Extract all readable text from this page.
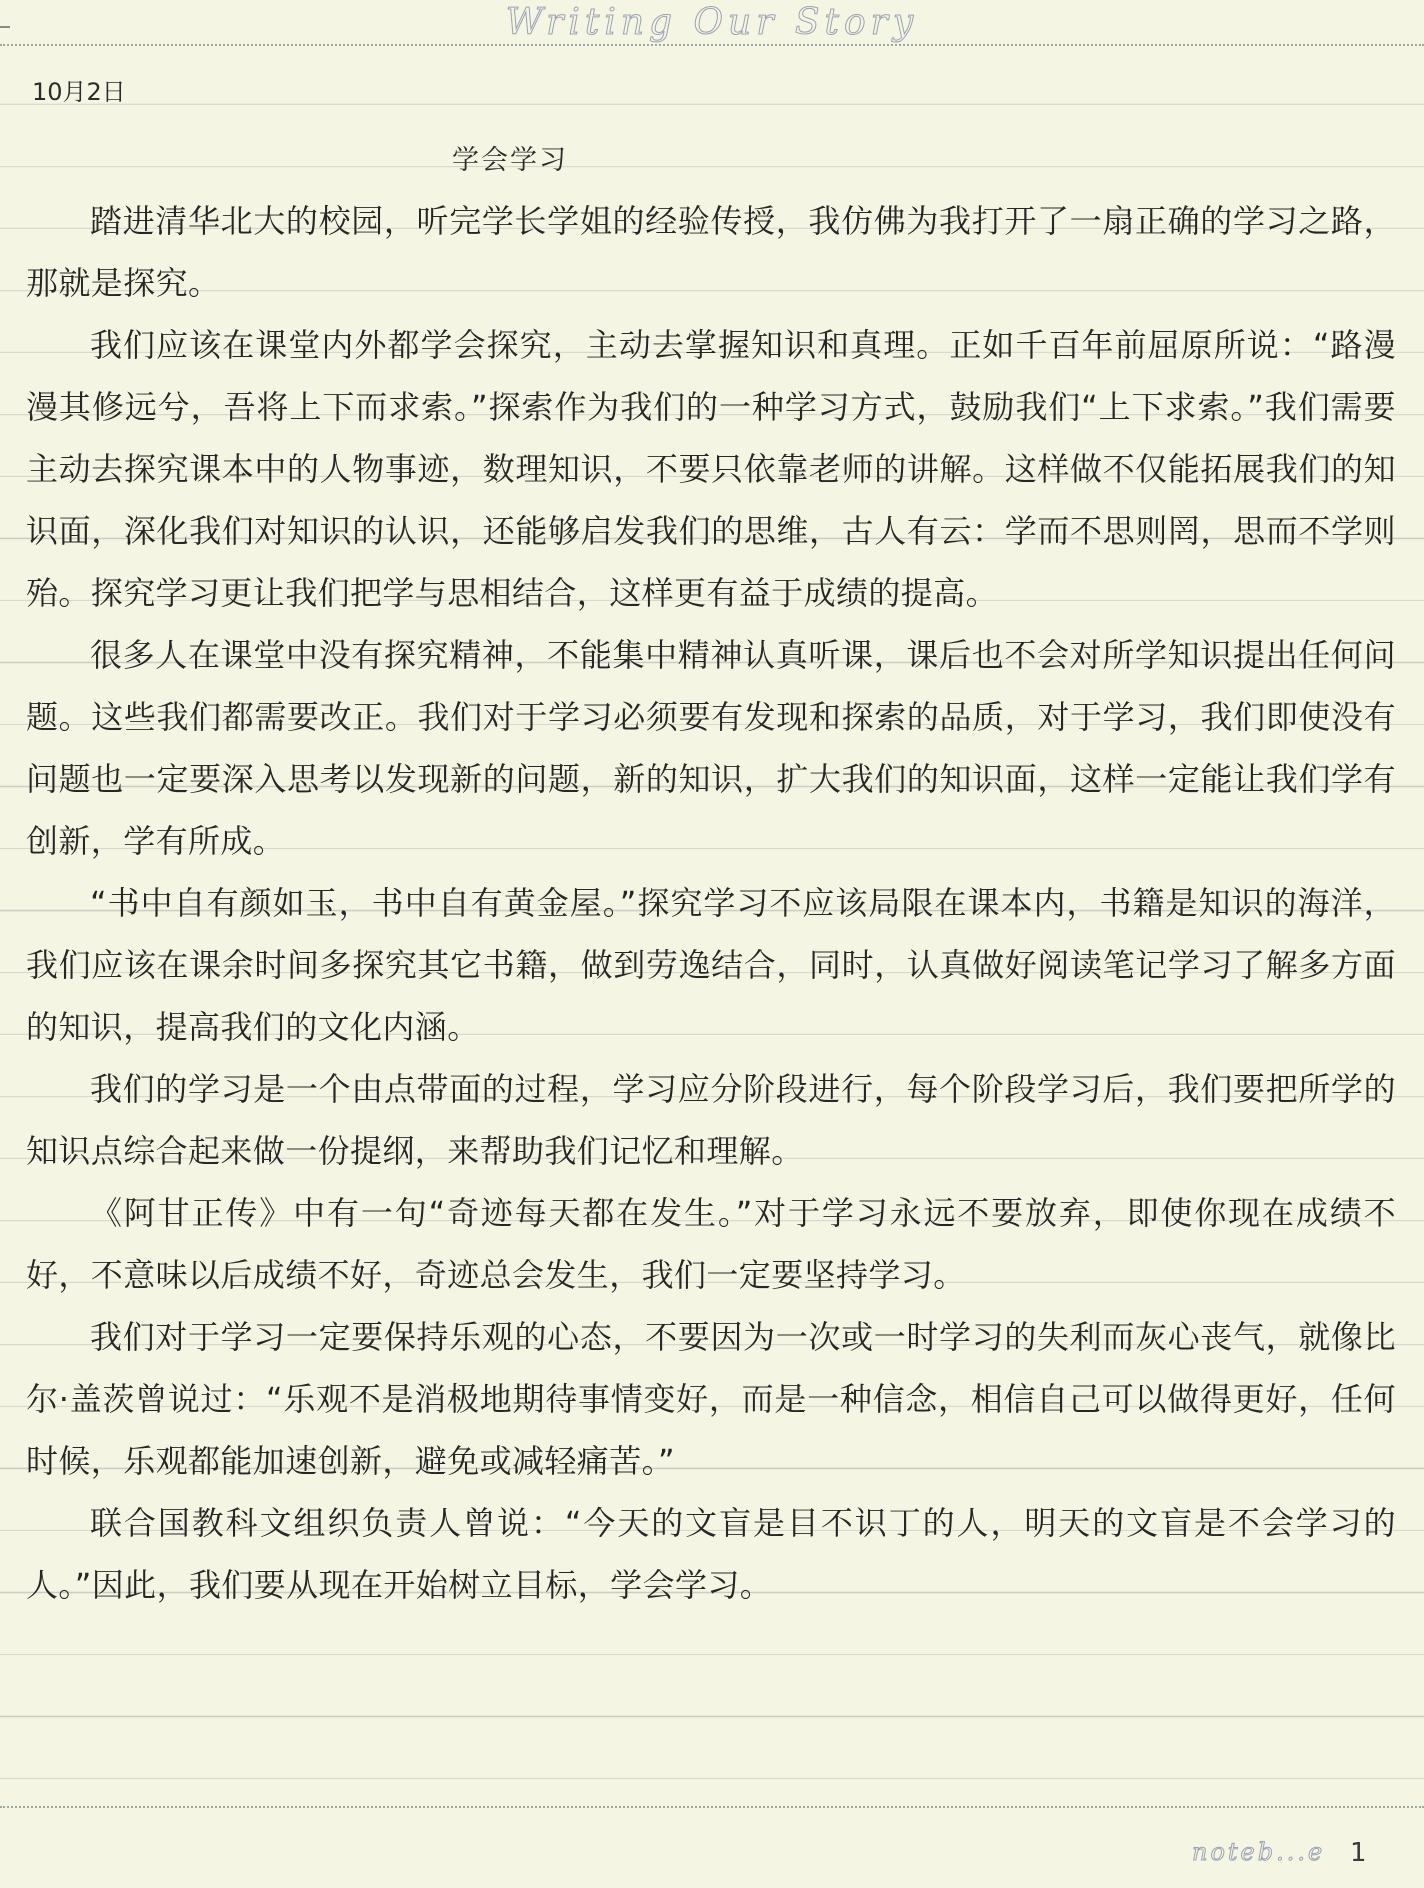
Writing Our Story
10月2日
学会学习

踏进清华北大的校园，听完学长学姐的经验传授，我仿佛为我打开了一扇正确的学习之路，那就是探究。

我们应该在课堂内外都学会探究，主动去掌握知识和真理。正如千百年前屈原所说：“路漫漫其修远兮，吾将上下而求索。”探索作为我们的一种学习方式，鼓励我们“上下求索。”我们需要主动去探究课本中的人物事迹，数理知识，不要只依靠老师的讲解。这样做不仅能拓展我们的知识面，深化我们对知识的认识，还能够启发我们的思维，古人有云：学而不思则罔，思而不学则殆。探究学习更让我们把学与思相结合，这样更有益于成绩的提高。

很多人在课堂中没有探究精神，不能集中精神认真听课，课后也不会对所学知识提出任何问题。这些我们都需要改正。我们对于学习必须要有发现和探索的品质，对于学习，我们即使没有问题也一定要深入思考以发现新的问题，新的知识，扩大我们的知识面，这样一定能让我们学有创新，学有所成。

“书中自有颜如玉，书中自有黄金屋。”探究学习不应该局限在课本内，书籍是知识的海洋，我们应该在课余时间多探究其它书籍，做到劳逸结合，同时，认真做好阅读笔记学习了解多方面的知识，提高我们的文化内涵。

我们的学习是一个由点带面的过程，学习应分阶段进行，每个阶段学习后，我们要把所学的知识点综合起来做一份提纲，来帮助我们记忆和理解。

《阿甘正传》中有一句“奇迹每天都在发生。”对于学习永远不要放弃，即使你现在成绩不好，不意味以后成绩不好，奇迹总会发生，我们一定要坚持学习。

我们对于学习一定要保持乐观的心态，不要因为一次或一时学习的失利而灰心丧气，就像比尔·盖茨曾说过：“乐观不是消极地期待事情变好，而是一种信念，相信自己可以做得更好，任何时候，乐观都能加速创新，避免或减轻痛苦。”

联合国教科文组织负责人曾说：“今天的文盲是目不识丁的人，明天的文盲是不会学习的人。”因此，我们要从现在开始树立目标，学会学习。

noteb...e 1
